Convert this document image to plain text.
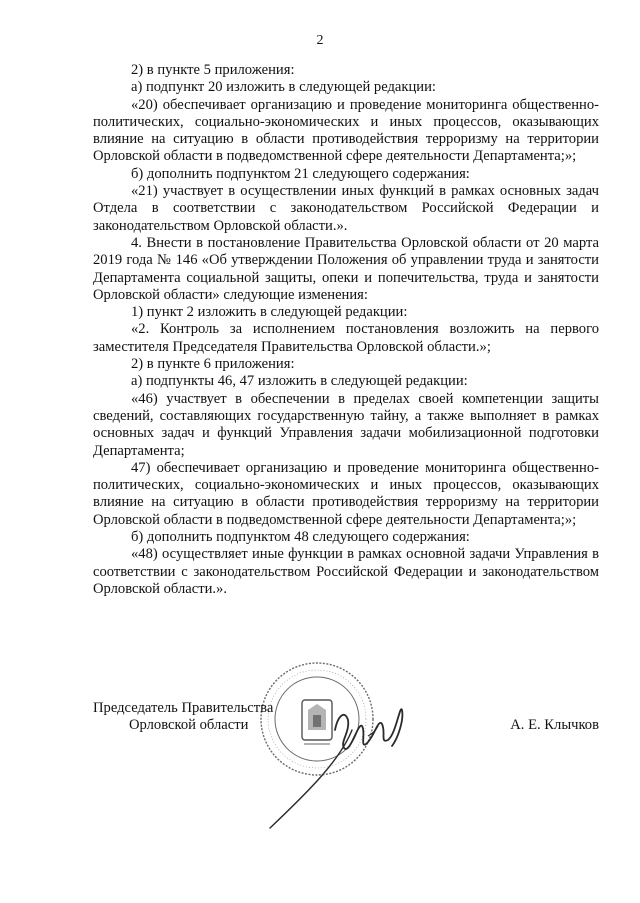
2

2) в пункте 5 приложения:

а) подпункт 20 изложить в следующей редакции:

«20) обеспечивает организацию и проведение мониторинга общественно-политических, социально-экономических и иных процессов, оказывающих влияние на ситуацию в области противодействия терроризму на территории Орловской области в подведомственной сфере деятельности Департамента;»;

б) дополнить подпунктом 21 следующего содержания:

«21) участвует в осуществлении иных функций в рамках основных задач Отдела в соответствии с законодательством Российской Федерации и законодательством Орловской области.».

4. Внести в постановление Правительства Орловской области от 20 марта 2019 года № 146 «Об утверждении Положения об управлении труда и занятости Департамента социальной защиты, опеки и попечительства, труда и занятости Орловской области» следующие изменения:

1) пункт 2 изложить в следующей редакции:

«2. Контроль за исполнением постановления возложить на первого заместителя Председателя Правительства Орловской области.»;

2) в пункте 6 приложения:

а) подпункты 46, 47 изложить в следующей редакции:

«46) участвует в обеспечении в пределах своей компетенции защиты сведений, составляющих государственную тайну, а также выполняет в рамках основных задач и функций Управления задачи мобилизационной подготовки Департамента;

47) обеспечивает организацию и проведение мониторинга общественно-политических, социально-экономических и иных процессов, оказывающих влияние на ситуацию в области противодействия терроризму на территории Орловской области в подведомственной сфере деятельности Департамента;»;

б) дополнить подпунктом 48 следующего содержания:

«48) осуществляет иные функции в рамках основной задачи Управления в соответствии с законодательством Российской Федерации и законодательством Орловской области.».

Председатель Правительства
Орловской области	А. Е. Клычков
